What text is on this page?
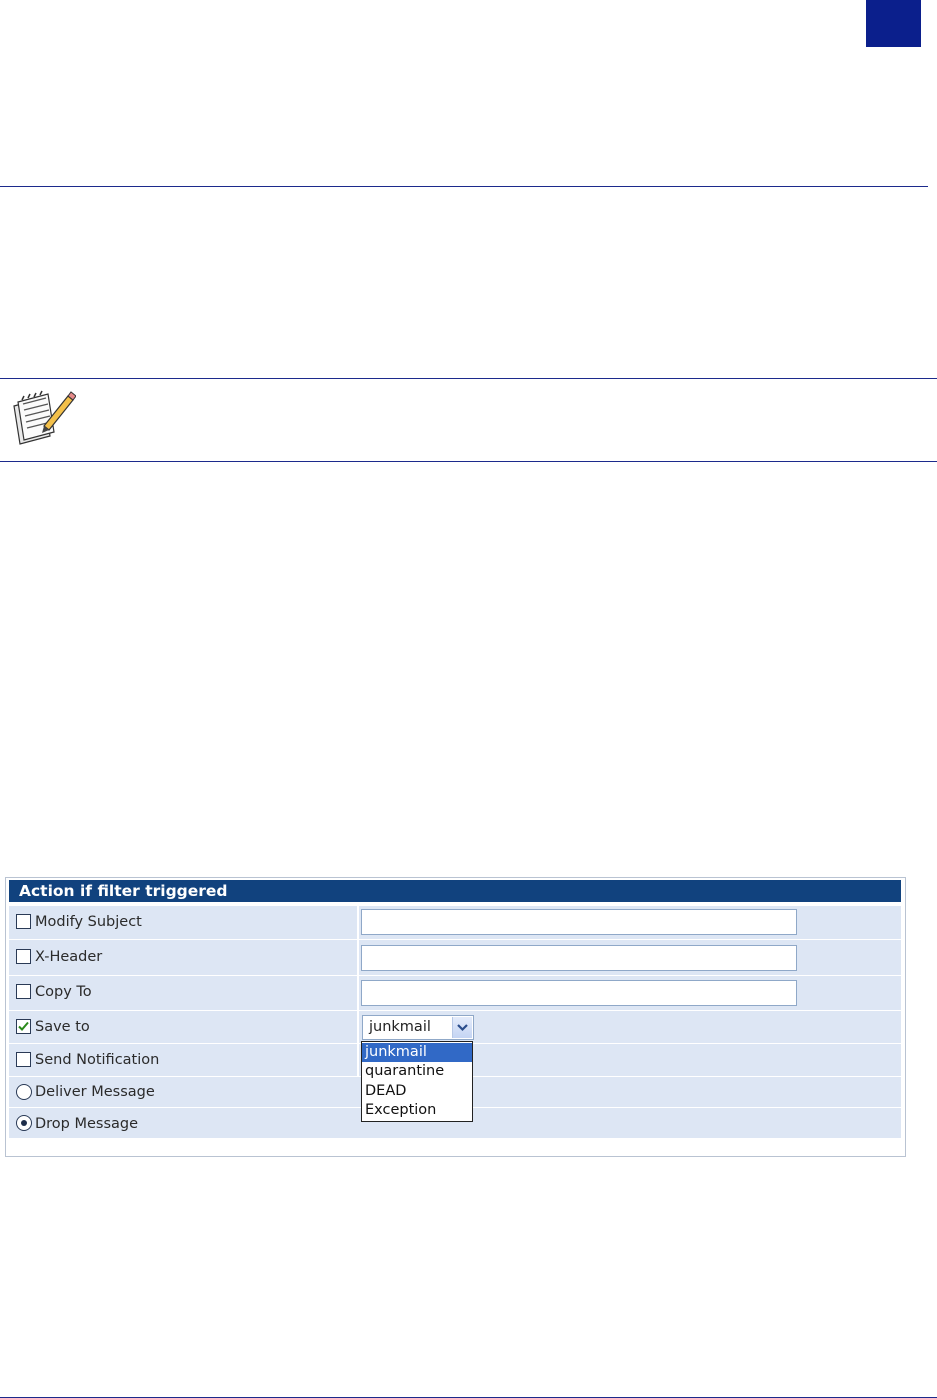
Action if filter triggered
Modify Subject
X-Header
Copy To
Save to	junkmail
Send Notification
Deliver Message
Drop Message
junkmail
quarantine
DEAD
Exception
